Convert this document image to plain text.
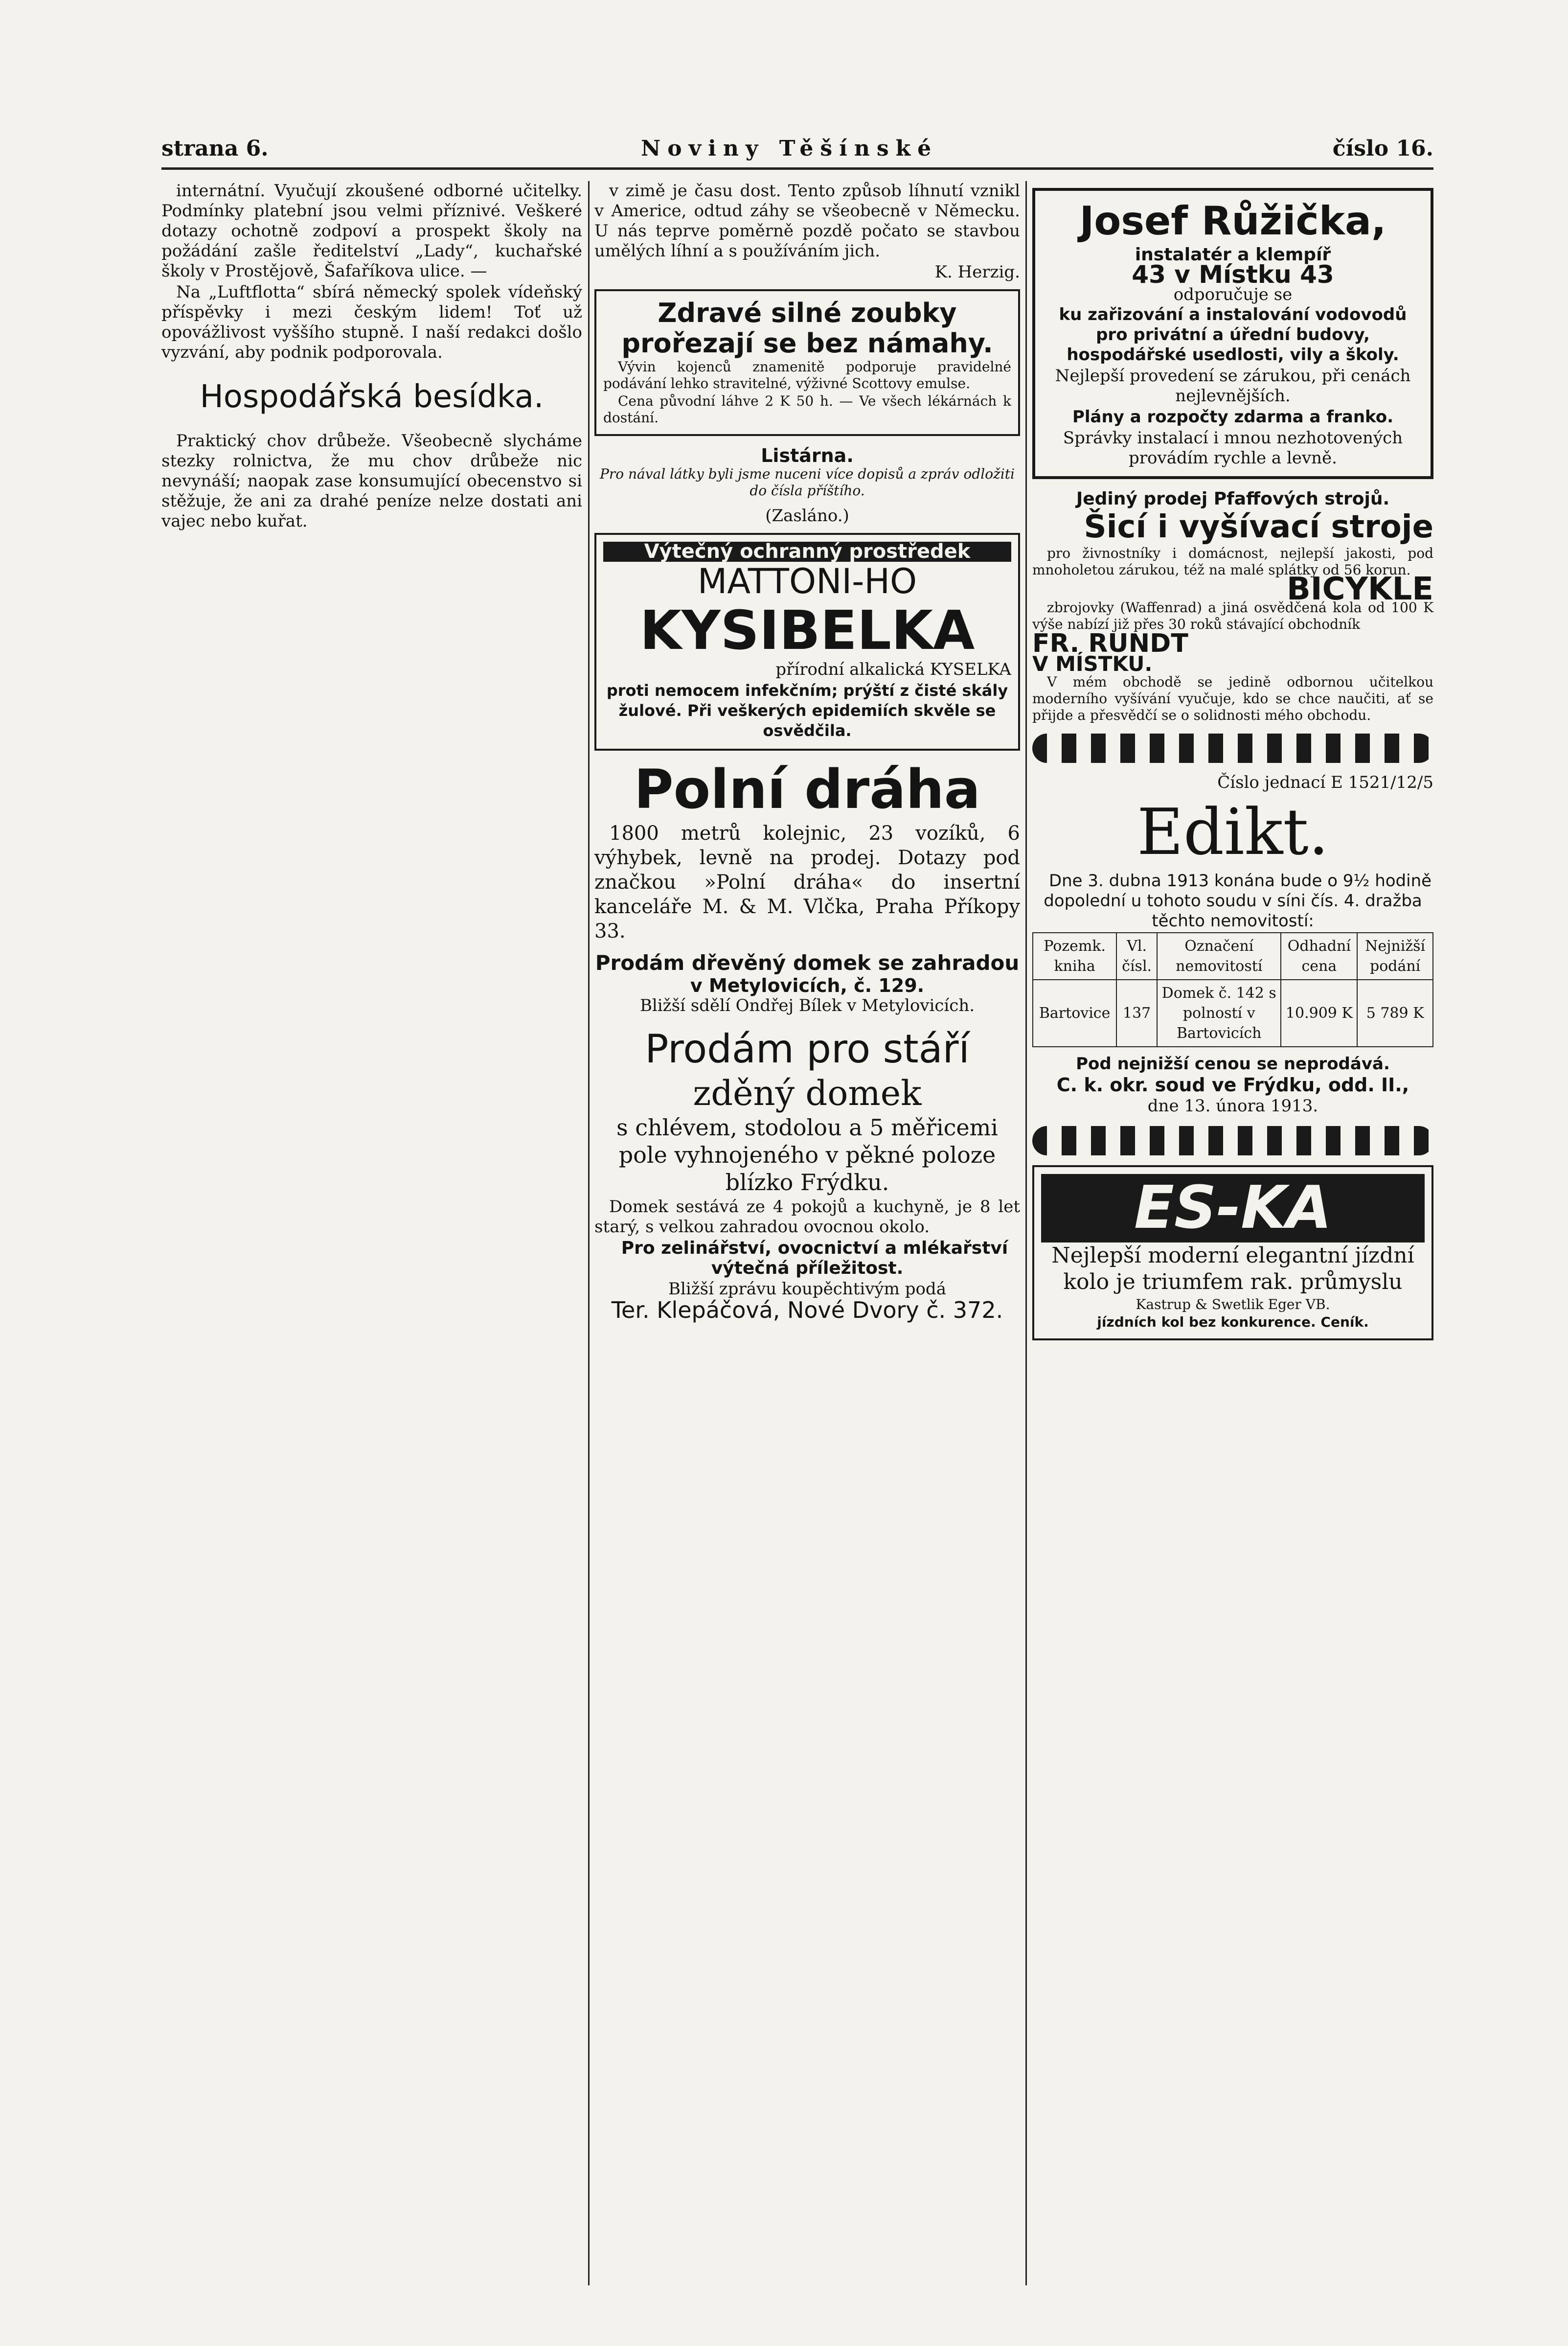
strana 6.	Noviny Těšínské	číslo 16.

internátní. Vyučují zkoušené odborné učitelky. Podmínky platební jsou velmi příznivé. Veškeré dotazy ochotně zodpoví a prospekt školy na požádání zašle ředitelství „Lady“, kuchařské školy v Prostějově, Šafaříkova ulice. —

Na „Luftflotta“ sbírá německý spolek vídeňský příspěvky i mezi českým lidem! Toť už opovážlivost vyššího stupně. I naší redakci došlo vyzvání, aby podnik podporovala.

Hospodářská besídka.

Praktický chov drůbeže. Všeobecně slycháme stezky rolnictva, že mu chov drůbeže nic nevynáší; naopak zase konsumující obecenstvo si stěžuje, že ani za drahé peníze nelze dostati ani vajec nebo kuřat.

v zimě je času dost. Tento způsob líhnutí vznikl v Americe, odtud záhy se všeobecně v Německu. U nás teprve poměrně pozdě počato se stavbou umělých líhní a s používáním jich.

K. Herzig.

Zdravé silné zoubky prořezají se bez námahy.

Vývin kojenců znamenitě podporuje pravidelné podávání lehko stravitelné, výživné Scottovy emulse.

Cena původní láhve 2 K 50 h. — Ve všech lékárnách k dostání.

Listárna.

Pro nával látky byli jsme nuceni více dopisů a zpráv odložiti do čísla příštího.

(Zasláno.)
Výtečný ochranný prostředek
MATTONI-HO
KYSIBELKA

přírodní alkalická KYSELKA

proti nemocem infekčním; prýští z čisté skály žulové. Při veškerých epidemiích skvěle se osvědčila.

Polní dráha

1800 metrů kolejnic, 23 vozíků, 6 výhybek, levně na prodej. Dotazy pod značkou »Polní dráha« do insertní kanceláře M. & M. Vlčka, Praha Příkopy 33.

Prodám dřevěný domek se zahradou
v Metylovicích, č. 129.
Bližší sdělí Ondřej Bílek v Metylovicích.
Prodám pro stáří
zděný domek

s chlévem, stodolou a 5 měřicemi pole vyhnojeného v pěkné poloze blízko Frýdku.

Domek sestává ze 4 pokojů a kuchyně, je 8 let starý, s velkou zahradou ovocnou okolo.

Pro zelinářství, ovocnictví a mlékařství výtečná příležitost.

Bližší zprávu koupěchtivým podá

Ter. Klepáčová, Nové Dvory č. 372.
Josef Růžička,
instalatér a klempíř
43 v Místku 43
odporučuje se

ku zařizování a instalování vodovodů pro privátní a úřední budovy, hospodářské usedlosti, vily a školy.

Nejlepší provedení se zárukou, při cenách nejlevnějších.

Plány a rozpočty zdarma a franko.

Správky instalací i mnou nezhotovených provádím rychle a levně.

Jediný prodej Pfaffových strojů.
Šicí i vyšívací stroje

pro živnostníky i domácnost, nejlepší jakosti, pod mnoholetou zárukou, též na malé splátky od 56 korun.

BICYKLE

zbrojovky (Waffenrad) a jiná osvědčená kola od 100 K výše nabízí již přes 30 roků stávající obchodník

FR. RUNDT
V MÍSTKU.

V mém obchodě se jedině odbornou učitelkou moderního vyšívání vyučuje, kdo se chce naučiti, ať se přijde a přesvědčí se o solidnosti mého obchodu.

Číslo jednací E 1521/12/5
Edikt.

Dne 3. dubna 1913 konána bude o 9½ hodině dopolední u tohoto soudu v síni čís. 4. dražba těchto nemovitostí:

Pozemk. kniha	Vl. čísl.	Označení nemovitostí	Odhadní cena	Nejnižší podání
Bartovice	137	Domek č. 142 s polností v Bartovicích	10.909 K	5 789 K

Pod nejnižší cenou se neprodává.

C. k. okr. soud ve Frýdku, odd. II.,

dne 13. února 1913.

ES-KA

Nejlepší moderní elegantní jízdní kolo je triumfem rak. průmyslu

Kastrup & Swetlik Eger VB.

jízdních kol bez konkurence. Ceník.
